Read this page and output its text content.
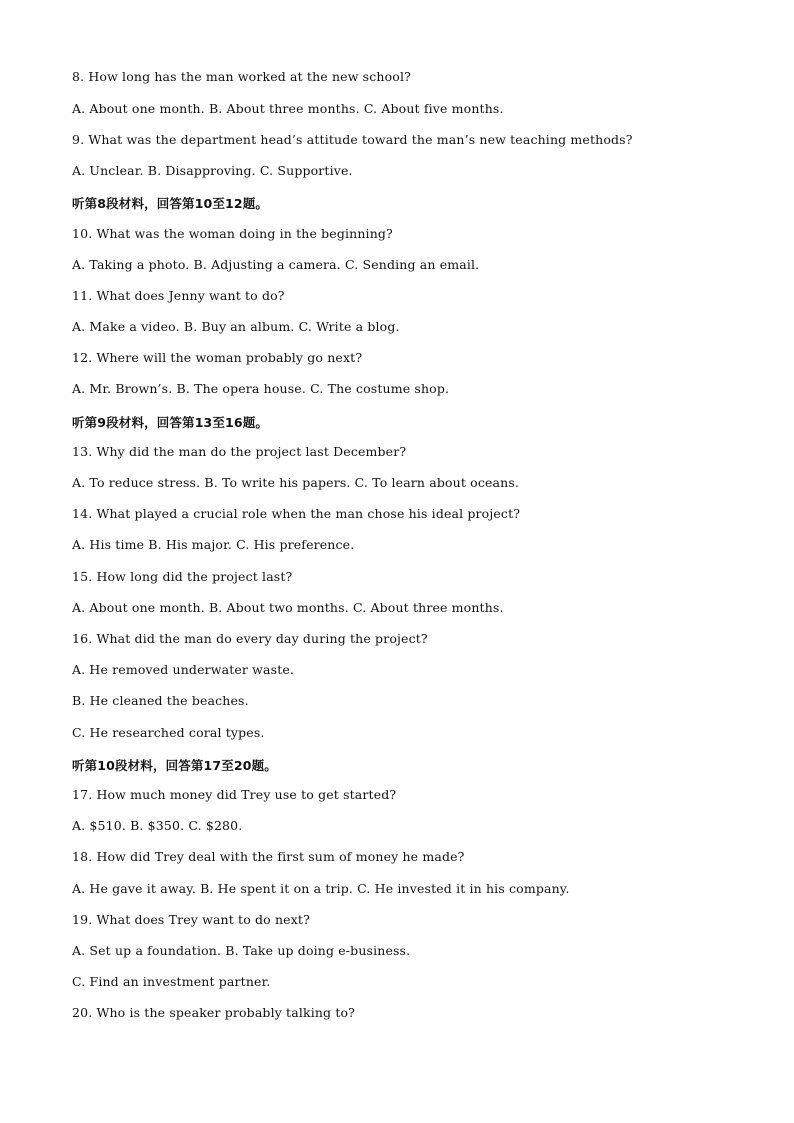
8. How long has the man worked at the new school?

A. About one month. B. About three months. C. About five months.

9. What was the department head’s attitude toward the man’s new teaching methods?

A. Unclear. B. Disapproving. C. Supportive.

听第8段材料，回答第10至12题。

10. What was the woman doing in the beginning?

A. Taking a photo. B. Adjusting a camera. C. Sending an email.

11. What does Jenny want to do?

A. Make a video. B. Buy an album. C. Write a blog.

12. Where will the woman probably go next?

A. Mr. Brown’s. B. The opera house. C. The costume shop.

听第9段材料，回答第13至16题。

13. Why did the man do the project last December?

A. To reduce stress. B. To write his papers. C. To learn about oceans.

14. What played a crucial role when the man chose his ideal project?

A. His time B. His major. C. His preference.

15. How long did the project last?

A. About one month. B. About two months. C. About three months.

16. What did the man do every day during the project?

A. He removed underwater waste.

B. He cleaned the beaches.

C. He researched coral types.

听第10段材料，回答第17至20题。

17. How much money did Trey use to get started?

A. $510. B. $350. C. $280.

18. How did Trey deal with the first sum of money he made?

A. He gave it away. B. He spent it on a trip. C. He invested it in his company.

19. What does Trey want to do next?

A. Set up a foundation. B. Take up doing e-business.

C. Find an investment partner.

20. Who is the speaker probably talking to?
